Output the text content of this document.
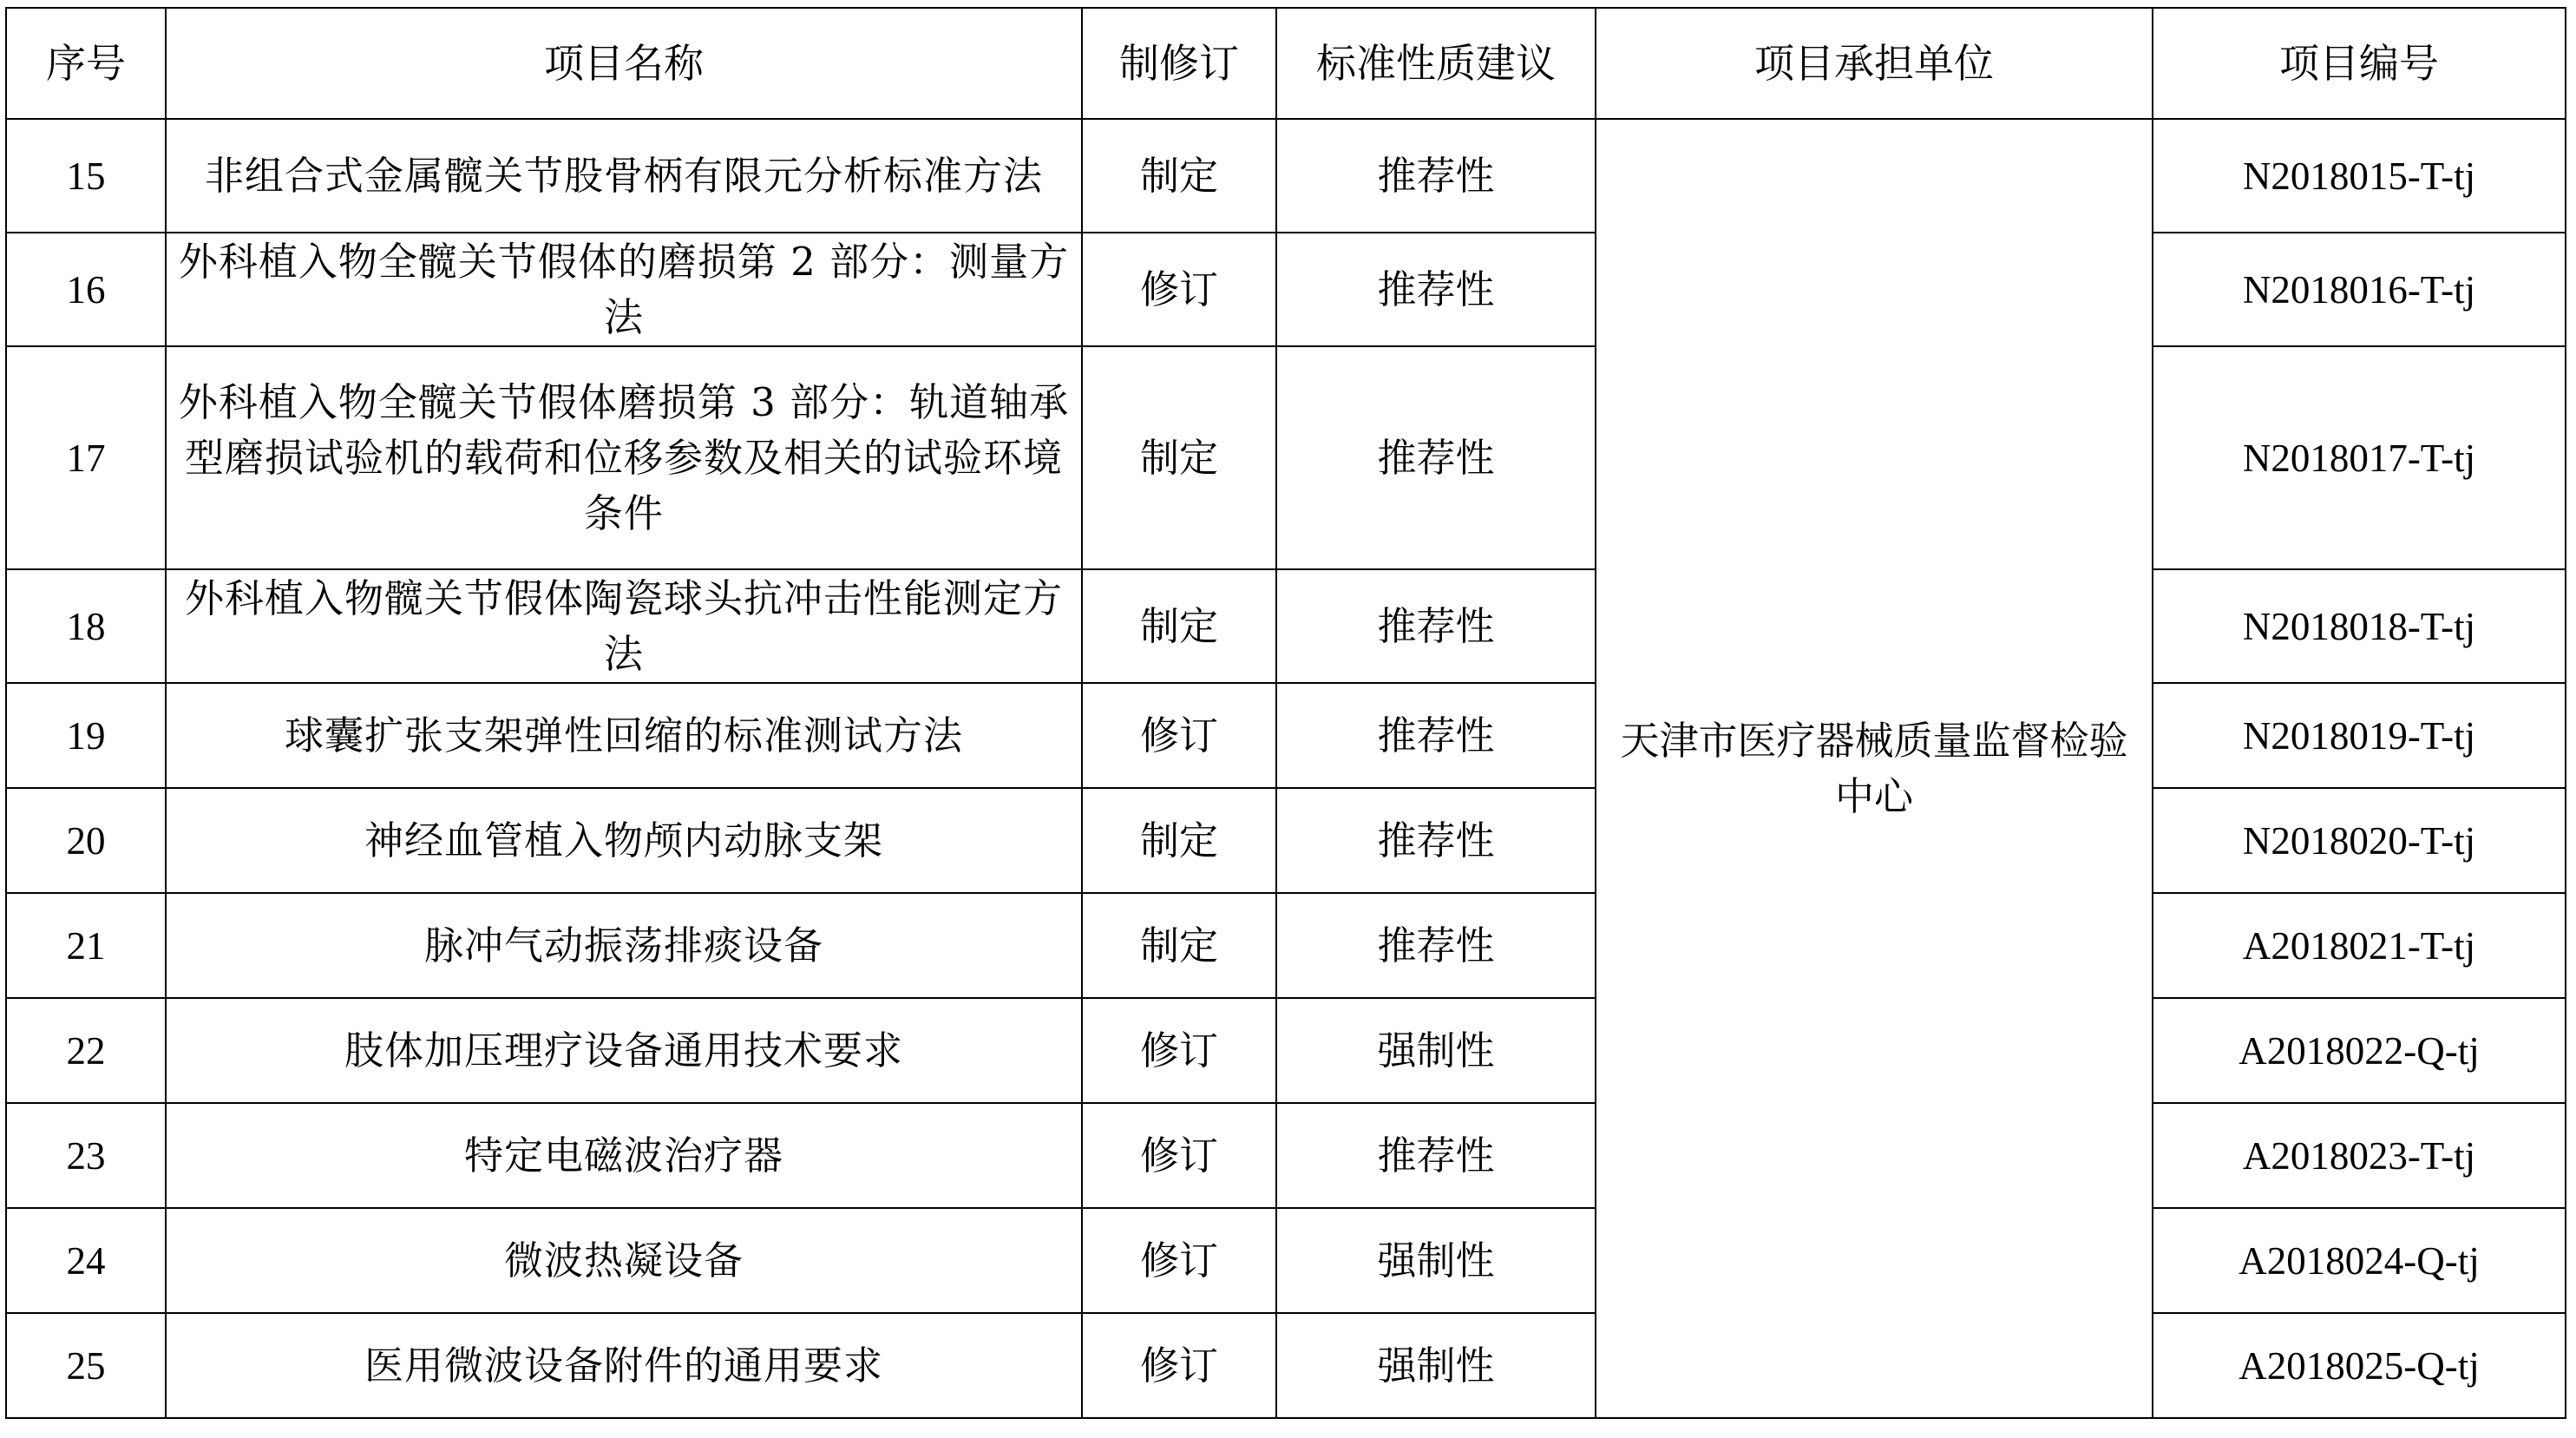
序号	项目名称	制修订	标准性质建议	项目承担单位	项目编号
15	非组合式金属髋关节股骨柄有限元分析标准方法	制定	推荐性	天津市医疗器械质量监督检验中心	N2018015-T-tj
16	外科植入物全髋关节假体的磨损第 2 部分：测量方法	修订	推荐性		N2018016-T-tj
17	外科植入物全髋关节假体磨损第 3 部分：轨道轴承型磨损试验机的载荷和位移参数及相关的试验环境条件	制定	推荐性		N2018017-T-tj
18	外科植入物髋关节假体陶瓷球头抗冲击性能测定方法	制定	推荐性		N2018018-T-tj
19	球囊扩张支架弹性回缩的标准测试方法	修订	推荐性		N2018019-T-tj
20	神经血管植入物颅内动脉支架	制定	推荐性		N2018020-T-tj
21	脉冲气动振荡排痰设备	制定	推荐性		A2018021-T-tj
22	肢体加压理疗设备通用技术要求	修订	强制性		A2018022-Q-tj
23	特定电磁波治疗器	修订	推荐性		A2018023-T-tj
24	微波热凝设备	修订	强制性		A2018024-Q-tj
25	医用微波设备附件的通用要求	修订	强制性		A2018025-Q-tj
